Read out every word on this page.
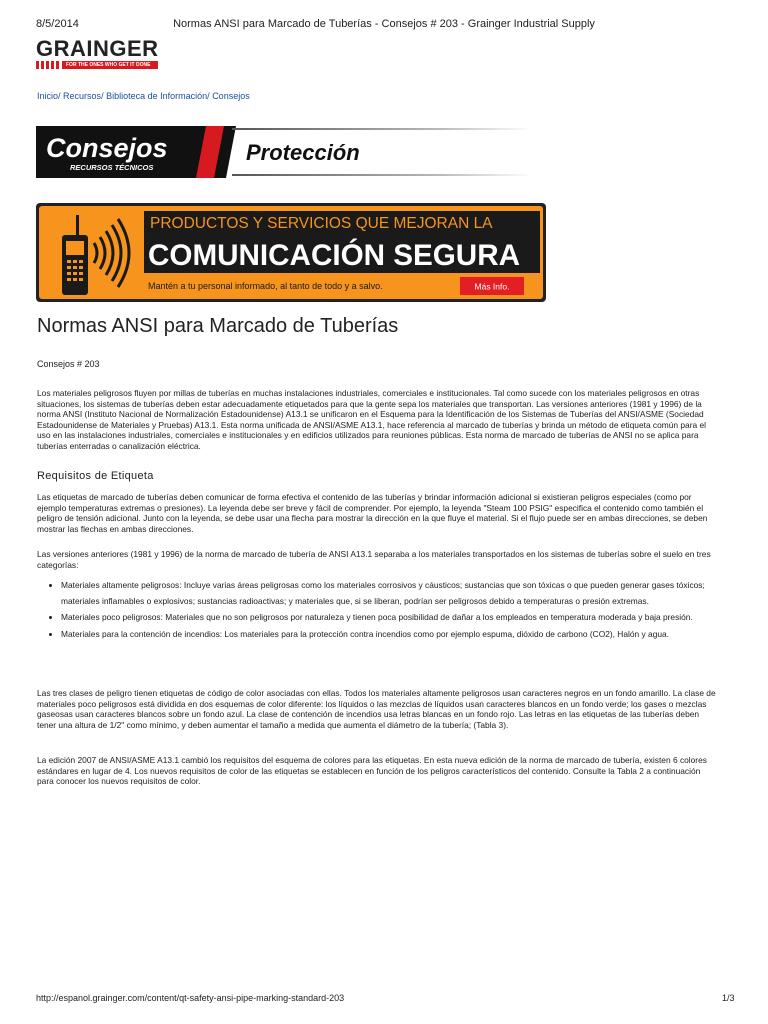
8/5/2014	Normas ANSI para Marcado de Tuberías - Consejos # 203 - Grainger Industrial Supply
GRAINGER
FOR THE ONES WHO GET IT DONE
Inicio/ Recursos/ Biblioteca de Información/ Consejos
Consejos
RECURSOS TÉCNICOS
Protección
PRODUCTOS Y SERVICIOS QUE MEJORAN LA
COMUNICACIÓN SEGURA
Mantén a tu personal informado, al tanto de todo y a salvo.	Más Info.
Normas ANSI para Marcado de Tuberías
Consejos # 203
Los materiales peligrosos fluyen por millas de tuberías en muchas instalaciones industriales, comerciales e institucionales. Tal como sucede con los materiales peligrosos en otras situaciones, los sistemas de tuberías deben estar adecuadamente etiquetados para que la gente sepa los materiales que transportan. Las versiones anteriores (1981 y 1996) de la norma ANSI (Instituto Nacional de Normalización Estadounidense) A13.1 se unificaron en el Esquema para la Identificación de los Sistemas de Tuberías del ANSI/ASME (Sociedad Estadounidense de Materiales y Pruebas) A13.1. Esta norma unificada de ANSI/ASME A13.1, hace referencia al marcado de tuberías y brinda un método de etiqueta común para el uso en las instalaciones industriales, comerciales e institucionales y en edificios utilizados para reuniones públicas. Esta norma de marcado de tuberías de ANSI no se aplica para tuberías enterradas o canalización eléctrica.
Requisitos de Etiqueta
Las etiquetas de marcado de tuberías deben comunicar de forma efectiva el contenido de las tuberías y brindar información adicional si existieran peligros especiales (como por ejemplo temperaturas extremas o presiones). La leyenda debe ser breve y fácil de comprender. Por ejemplo, la leyenda "Steam 100 PSIG" especifica el contenido como también el peligro de tensión adicional. Junto con la leyenda, se debe usar una flecha para mostrar la dirección en la que fluye el material. Si el flujo puede ser en ambas direcciones, se deben mostrar las flechas en ambas direcciones.
Las versiones anteriores (1981 y 1996) de la norma de marcado de tubería de ANSI A13.1 separaba a los materiales transportados en los sistemas de tuberías sobre el suelo en tres categorías:
• Materiales altamente peligrosos: Incluye varias áreas peligrosas como los materiales corrosivos y cáusticos; sustancias que son tóxicas o que pueden generar gases tóxicos; materiales inflamables o explosivos; sustancias radioactivas; y materiales que, si se liberan, podrían ser peligrosos debido a temperaturas o presión extremas.
• Materiales poco peligrosos: Materiales que no son peligrosos por naturaleza y tienen poca posibilidad de dañar a los empleados en temperatura moderada y baja presión.
• Materiales para la contención de incendios: Los materiales para la protección contra incendios como por ejemplo espuma, dióxido de carbono (CO2), Halón y agua.
Las tres clases de peligro tienen etiquetas de código de color asociadas con ellas. Todos los materiales altamente peligrosos usan caracteres negros en un fondo amarillo. La clase de materiales poco peligrosos está dividida en dos esquemas de color diferente: los líquidos o las mezclas de líquidos usan caracteres blancos en un fondo verde; los gases o mezclas gaseosas usan caracteres blancos sobre un fondo azul. La clase de contención de incendios usa letras blancas en un fondo rojo. Las letras en las etiquetas de las tuberías deben tener una altura de 1/2" como mínimo, y deben aumentar el tamaño a medida que aumenta el diámetro de la tubería; (Tabla 3).
La edición 2007 de ANSI/ASME A13.1 cambió los requisitos del esquema de colores para las etiquetas. En esta nueva edición de la norma de marcado de tubería, existen 6 colores estándares en lugar de 4. Los nuevos requisitos de color de las etiquetas se establecen en función de los peligros característicos del contenido. Consulte la Tabla 2 a continuación para conocer los nuevos requisitos de color.
http://espanol.grainger.com/content/qt-safety-ansi-pipe-marking-standard-203	1/3
